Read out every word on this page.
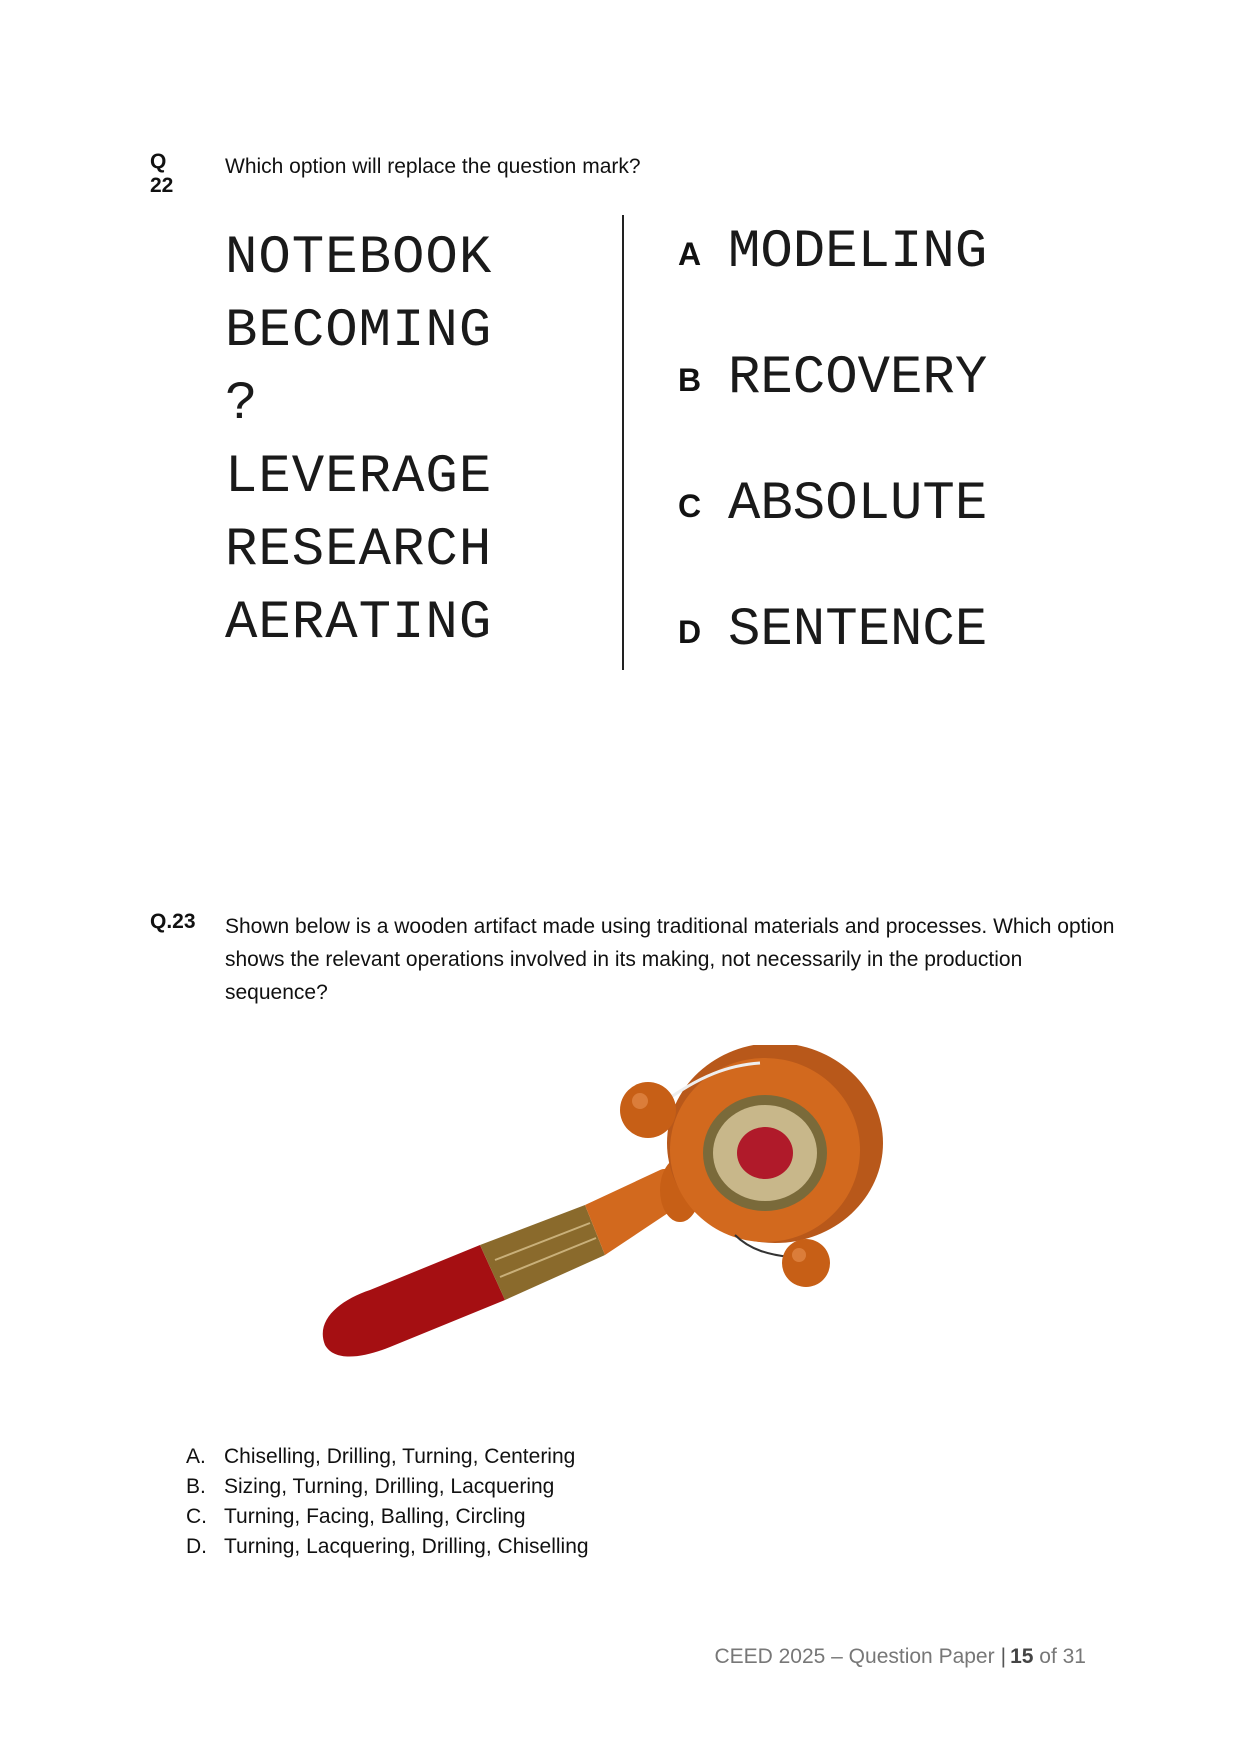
Q 22
Which option will replace the question mark?
NOTEBOOK
BECOMING
?
LEVERAGE
RESEARCH
AERATING
A MODELING
B RECOVERY
C ABSOLUTE
D SENTENCE
Q.23 Shown below is a wooden artifact made using traditional materials and processes. Which option shows the relevant operations involved in its making, not necessarily in the production sequence?
A. Chiselling, Drilling, Turning, Centering
B. Sizing, Turning, Drilling, Lacquering
C. Turning, Facing, Balling, Circling
D. Turning, Lacquering, Drilling, Chiselling
CEED 2025 – Question Paper | 15 of 31
